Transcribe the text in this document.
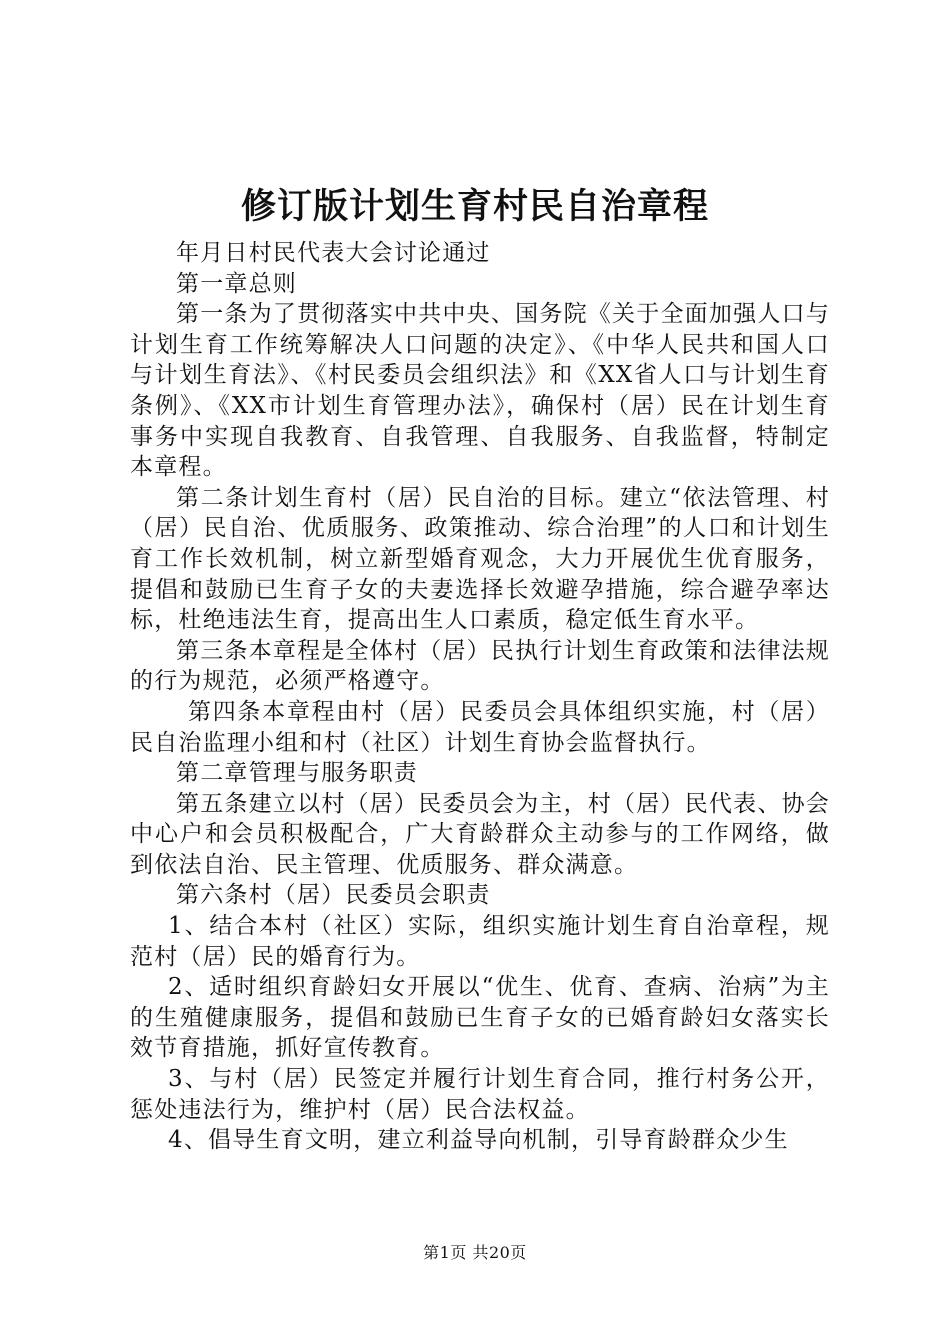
修订版计划生育村民自治章程

年月日村民代表大会讨论通过

第一章总则

第一条为了贯彻落实中共中央、国务院《关于全面加强人口与计划生育工作统筹解决人口问题的决定》、《中华人民共和国人口与计划生育法》、《村民委员会组织法》和《XX省人口与计划生育条例》、《XX市计划生育管理办法》，确保村（居）民在计划生育事务中实现自我教育、自我管理、自我服务、自我监督，特制定本章程。

第二条计划生育村（居）民自治的目标。建立“依法管理、村（居）民自治、优质服务、政策推动、综合治理”的人口和计划生育工作长效机制，树立新型婚育观念，大力开展优生优育服务，提倡和鼓励已生育子女的夫妻选择长效避孕措施，综合避孕率达标，杜绝违法生育，提高出生人口素质，稳定低生育水平。

第三条本章程是全体村（居）民执行计划生育政策和法律法规的行为规范，必须严格遵守。

第四条本章程由村（居）民委员会具体组织实施，村（居）民自治监理小组和村（社区）计划生育协会监督执行。

第二章管理与服务职责

第五条建立以村（居）民委员会为主，村（居）民代表、协会中心户和会员积极配合，广大育龄群众主动参与的工作网络，做到依法自治、民主管理、优质服务、群众满意。

第六条村（居）民委员会职责

1、结合本村（社区）实际，组织实施计划生育自治章程，规范村（居）民的婚育行为。

2、适时组织育龄妇女开展以“优生、优育、查病、治病”为主的生殖健康服务，提倡和鼓励已生育子女的已婚育龄妇女落实长效节育措施，抓好宣传教育。

3、与村（居）民签定并履行计划生育合同，推行村务公开，惩处违法行为，维护村（居）民合法权益。

4、倡导生育文明，建立利益导向机制，引导育龄群众少生

第1页 共20页
